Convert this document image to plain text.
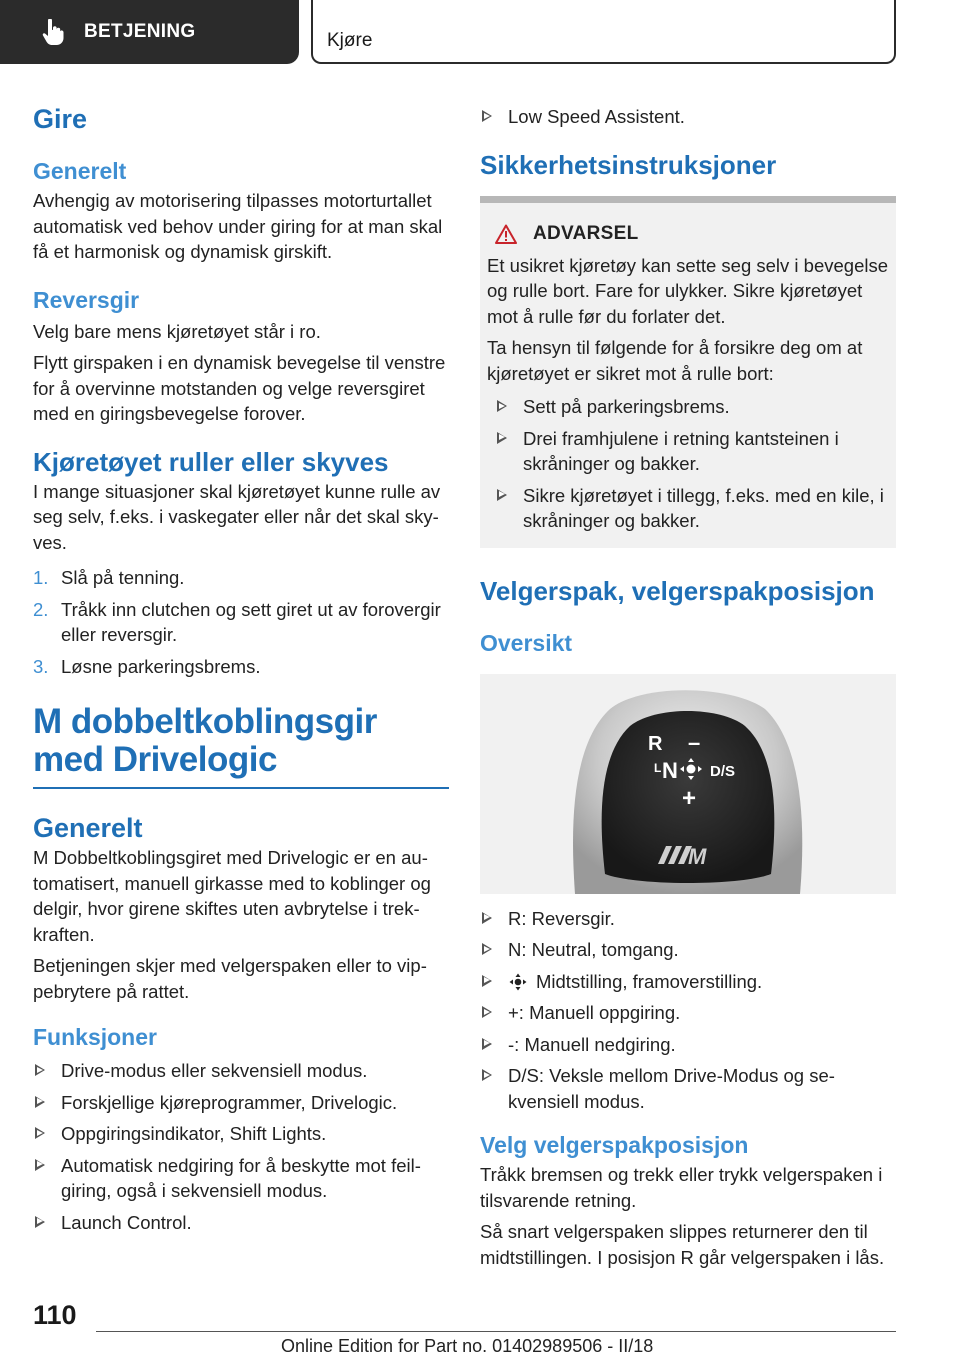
BETJENING	Kjøre
Gire
Generelt

Avhengig av motorisering tilpasses motorturtallet automatisk ved behov under giring for at man skal få et harmonisk og dynamisk girskift.

Reversgir

Velg bare mens kjøretøyet står i ro.

Flytt girspaken i en dynamisk bevegelse til venstre for å overvinne motstanden og velge reversgiret med en giringsbevegelse forover.

Kjøretøyet ruller eller skyves

I mange situasjoner skal kjøretøyet kunne rulle av seg selv, f.eks. i vaskegater eller når det skal skyves.

1. Slå på tenning.
2. Tråkk inn clutchen og sett giret ut av forovergir eller reversgir.
3. Løsne parkeringsbrems.
M dobbeltkoblingsgir med Drivelogic
Generelt

M Dobbeltkoblingsgiret med Drivelogic er en automatisert, manuell girkasse med to koblinger og delgir, hvor girene skiftes uten avbrytelse i trekkraften.

Betjeningen skjer med velgerspaken eller to vippebrytere på rattet.

Funksjoner
Drive-modus eller sekvensiell modus.
Forskjellige kjøreprogrammer, Drivelogic.
Oppgiringsindikator, Shift Lights.
Automatisk nedgiring for å beskytte mot feilgiring, også i sekvensiell modus.
Launch Control.
Low Speed Assistent.
Sikkerhetsinstruksjoner
ADVARSEL

Et usikret kjøretøy kan sette seg selv i bevegelse og rulle bort. Fare for ulykker. Sikre kjøretøyet mot å rulle før du forlater det.

Ta hensyn til følgende for å forsikre deg om at kjøretøyet er sikret mot å rulle bort:

Sett på parkeringsbrems.
Drei framhjulene i retning kantsteinen i skråninger og bakker.
Sikre kjøretøyet i tillegg, f.eks. med en kile, i skråninger og bakker.
Velgerspak, velgerspakposisjon
Oversikt
R –
L N D/S
+
M
R: Reversgir.
N: Neutral, tomgang.
Midtstilling, framoverstilling.
+: Manuell oppgiring.
-: Manuell nedgiring.
D/S: Veksle mellom Drive-Modus og sekvensiell modus.
Velg velgerspakposisjon

Tråkk bremsen og trekk eller trykk velgerspaken i tilsvarende retning.

Så snart velgerspaken slippes returnerer den til midtstillingen. I posisjon R går velgerspaken i lås.

110
Online Edition for Part no. 01402989506 - II/18
